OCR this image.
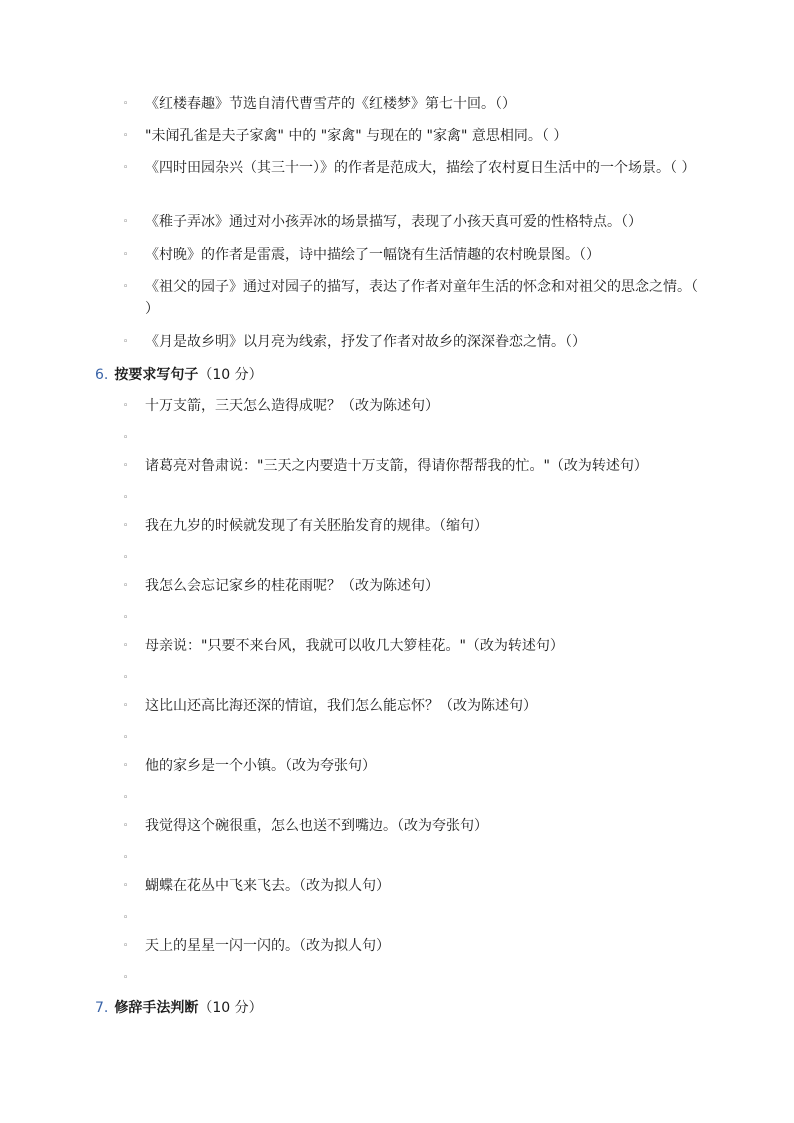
◦ 《红楼春趣》节选自清代曹雪芹的《红楼梦》第七十回。（）
◦ "未闻孔雀是夫子家禽" 中的 "家禽" 与现在的 "家禽" 意思相同。（ ）
◦ 《四时田园杂兴（其三十一）》的作者是范成大，描绘了农村夏日生活中的一个场景。（ ）
◦ 《稚子弄冰》通过对小孩弄冰的场景描写，表现了小孩天真可爱的性格特点。（）
◦ 《村晚》的作者是雷震，诗中描绘了一幅饶有生活情趣的农村晚景图。（）
◦ 《祖父的园子》通过对园子的描写，表达了作者对童年生活的怀念和对祖父的思念之情。（ ）
◦ 《月是故乡明》以月亮为线索，抒发了作者对故乡的深深眷恋之情。（）
6. 按要求写句子（10 分）
◦ 十万支箭，三天怎么造得成呢？（改为陈述句）
◦
◦ 诸葛亮对鲁肃说："三天之内要造十万支箭，得请你帮帮我的忙。"（改为转述句）
◦
◦ 我在九岁的时候就发现了有关胚胎发育的规律。（缩句）
◦
◦ 我怎么会忘记家乡的桂花雨呢？（改为陈述句）
◦
◦ 母亲说："只要不来台风，我就可以收几大箩桂花。"（改为转述句）
◦
◦ 这比山还高比海还深的情谊，我们怎么能忘怀？（改为陈述句）
◦
◦ 他的家乡是一个小镇。（改为夸张句）
◦
◦ 我觉得这个碗很重，怎么也送不到嘴边。（改为夸张句）
◦
◦ 蝴蝶在花丛中飞来飞去。（改为拟人句）
◦
◦ 天上的星星一闪一闪的。（改为拟人句）
◦
7. 修辞手法判断（10 分）
